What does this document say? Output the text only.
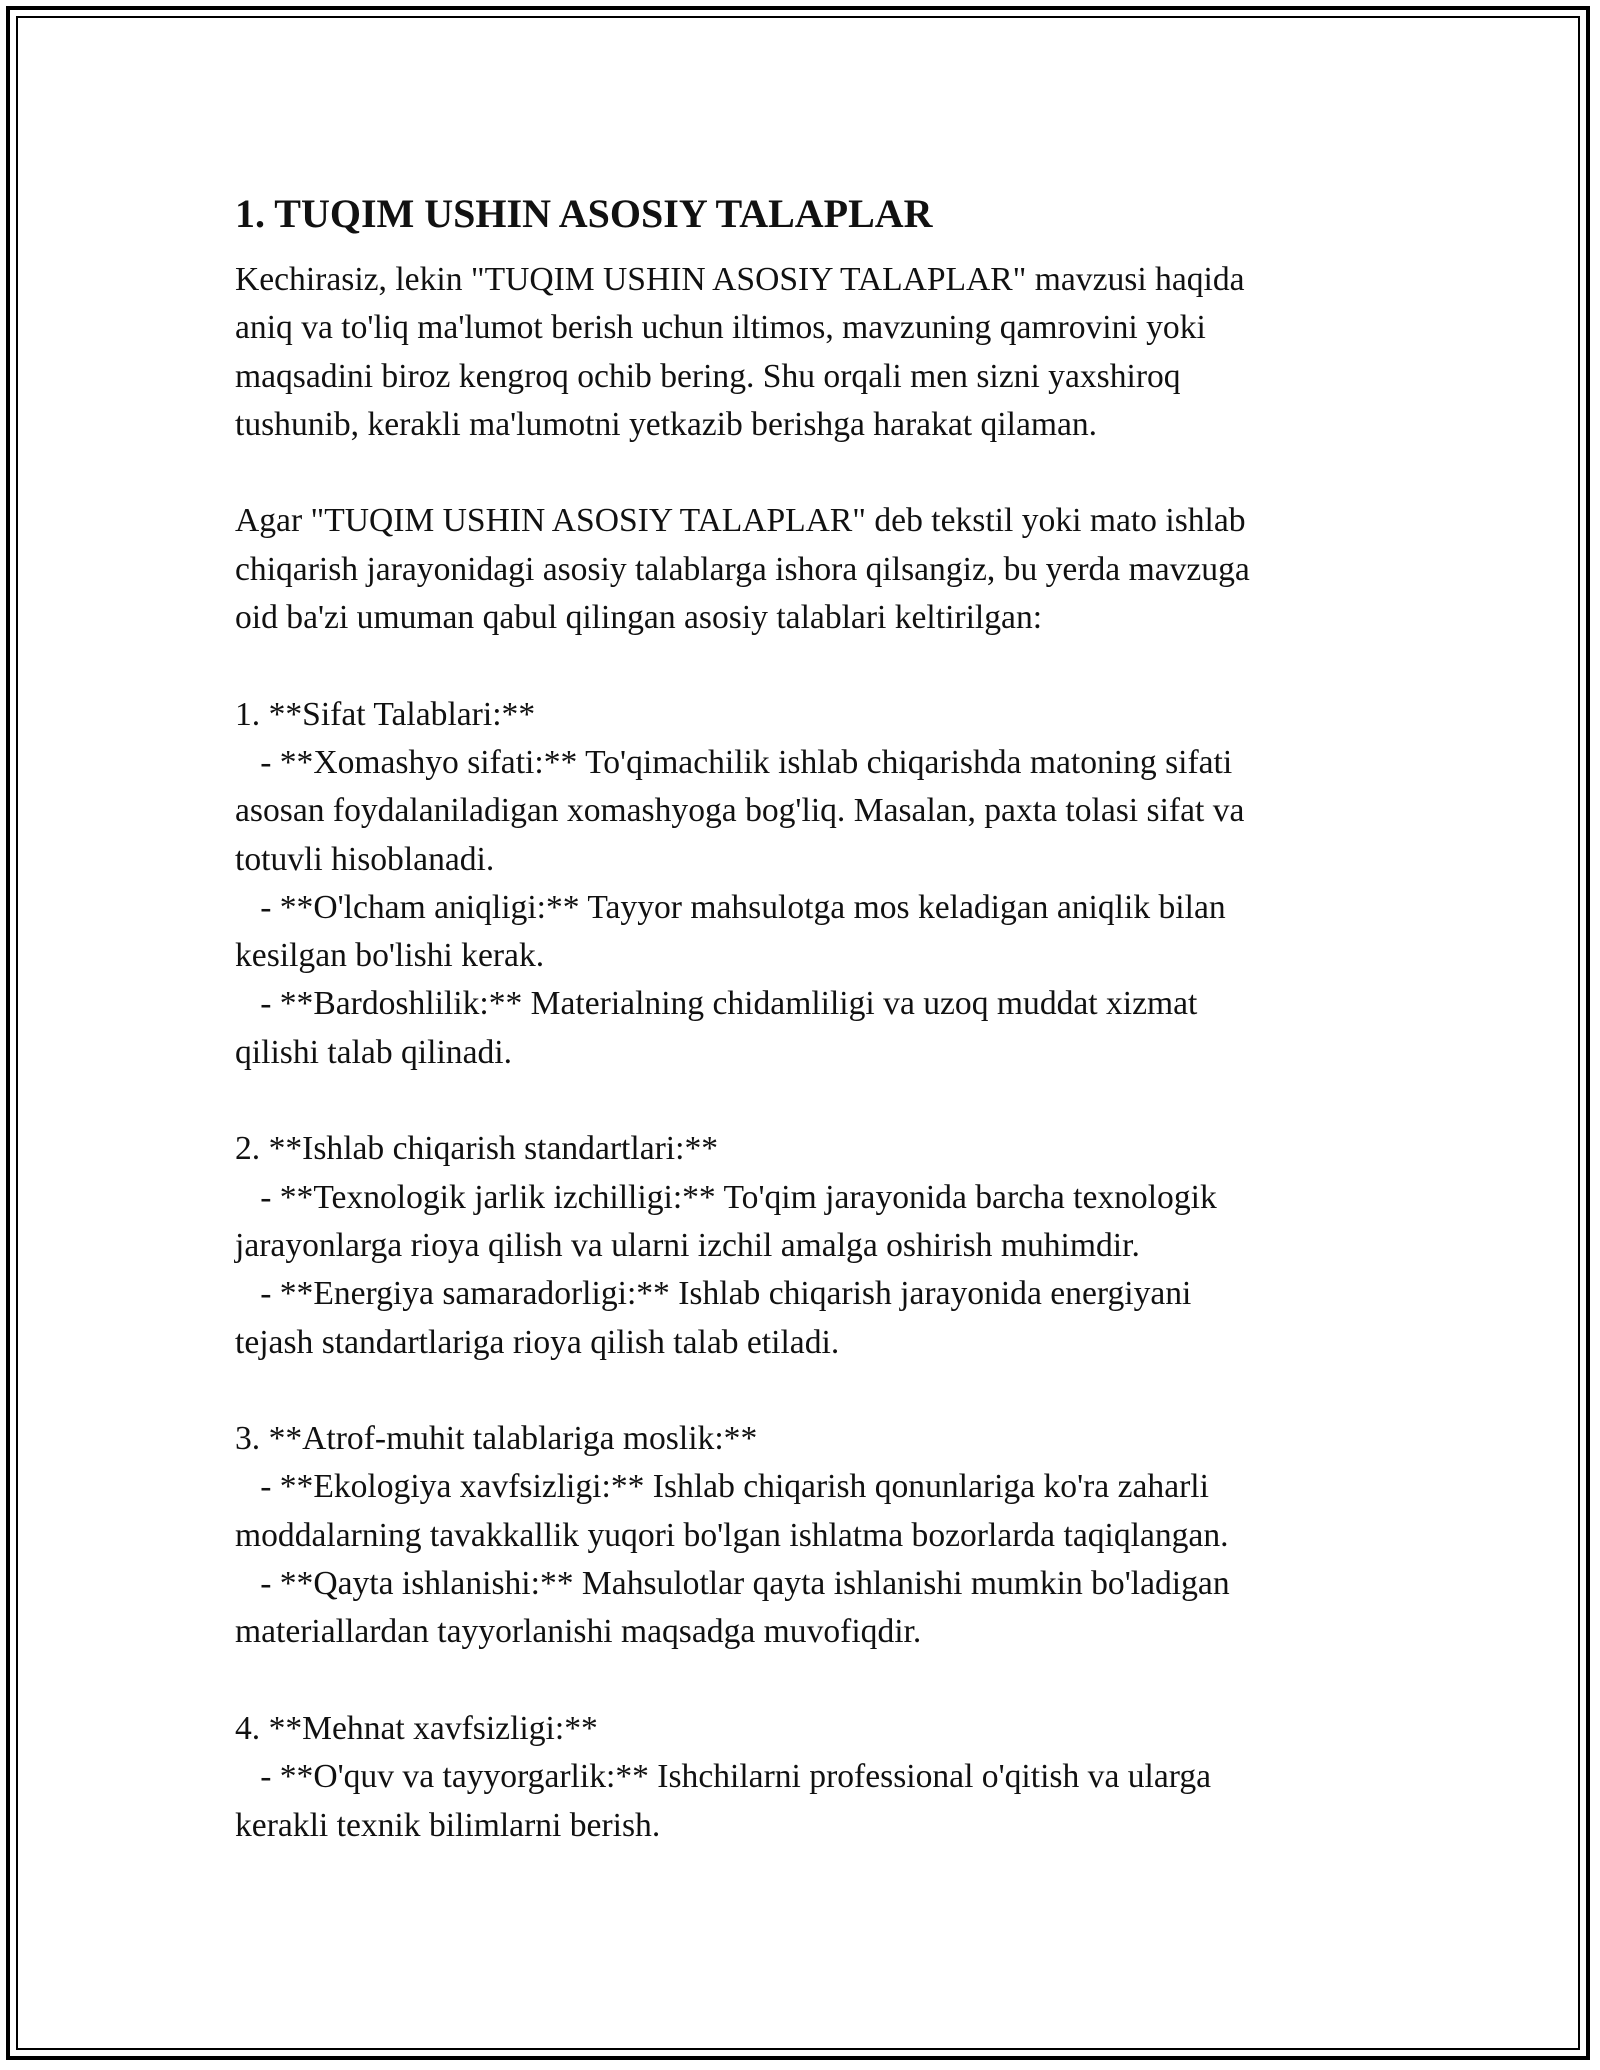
1. TUQIM USHIN ASOSIY TALAPLAR

Kechirasiz, lekin "TUQIM USHIN ASOSIY TALAPLAR" mavzusi haqida
aniq va to'liq ma'lumot berish uchun iltimos, mavzuning qamrovini yoki
maqsadini biroz kengroq ochib bering. Shu orqali men sizni yaxshiroq
tushunib, kerakli ma'lumotni yetkazib berishga harakat qilaman.

Agar "TUQIM USHIN ASOSIY TALAPLAR" deb tekstil yoki mato ishlab
chiqarish jarayonidagi asosiy talablarga ishora qilsangiz, bu yerda mavzuga
oid ba'zi umuman qabul qilingan asosiy talablari keltirilgan:

1. **Sifat Talablari:**
- **Xomashyo sifati:** To'qimachilik ishlab chiqarishda matoning sifati
asosan foydalaniladigan xomashyoga bog'liq. Masalan, paxta tolasi sifat va
totuvli hisoblanadi.
- **O'lcham aniqligi:** Tayyor mahsulotga mos keladigan aniqlik bilan
kesilgan bo'lishi kerak.
- **Bardoshlilik:** Materialning chidamliligi va uzoq muddat xizmat
qilishi talab qilinadi.

2. **Ishlab chiqarish standartlari:**
- **Texnologik jarlik izchilligi:** To'qim jarayonida barcha texnologik
jarayonlarga rioya qilish va ularni izchil amalga oshirish muhimdir.
- **Energiya samaradorligi:** Ishlab chiqarish jarayonida energiyani
tejash standartlariga rioya qilish talab etiladi.

3. **Atrof-muhit talablariga moslik:**
- **Ekologiya xavfsizligi:** Ishlab chiqarish qonunlariga ko'ra zaharli
moddalarning tavakkallik yuqori bo'lgan ishlatma bozorlarda taqiqlangan.
- **Qayta ishlanishi:** Mahsulotlar qayta ishlanishi mumkin bo'ladigan
materiallardan tayyorlanishi maqsadga muvofiqdir.

4. **Mehnat xavfsizligi:**
- **O'quv va tayyorgarlik:** Ishchilarni professional o'qitish va ularga
kerakli texnik bilimlarni berish.
